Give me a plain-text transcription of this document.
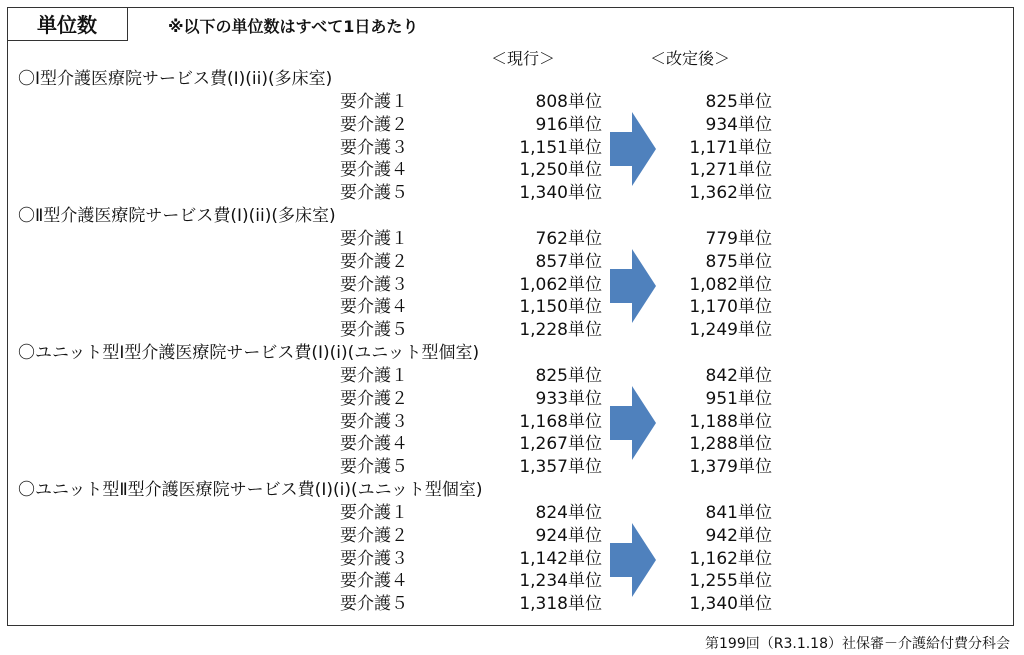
単位数	※以下の単位数はすべて1日あたり
＜現行＞	＜改定後＞
〇Ⅰ型介護医療院サービス費(Ⅰ)(ii)(多床室)
要介護１	808単位	825単位
要介護２	916単位	934単位
要介護３	1,151単位	1,171単位
要介護４	1,250単位	1,271単位
要介護５	1,340単位	1,362単位
〇Ⅱ型介護医療院サービス費(Ⅰ)(ii)(多床室)
要介護１	762単位	779単位
要介護２	857単位	875単位
要介護３	1,062単位	1,082単位
要介護４	1,150単位	1,170単位
要介護５	1,228単位	1,249単位
〇ユニット型Ⅰ型介護医療院サービス費(Ⅰ)(i)(ユニット型個室)
要介護１	825単位	842単位
要介護２	933単位	951単位
要介護３	1,168単位	1,188単位
要介護４	1,267単位	1,288単位
要介護５	1,357単位	1,379単位
〇ユニット型Ⅱ型介護医療院サービス費(Ⅰ)(i)(ユニット型個室)
要介護１	824単位	841単位
要介護２	924単位	942単位
要介護３	1,142単位	1,162単位
要介護４	1,234単位	1,255単位
要介護５	1,318単位	1,340単位
第199回（R3.1.18）社保審－介護給付費分科会
